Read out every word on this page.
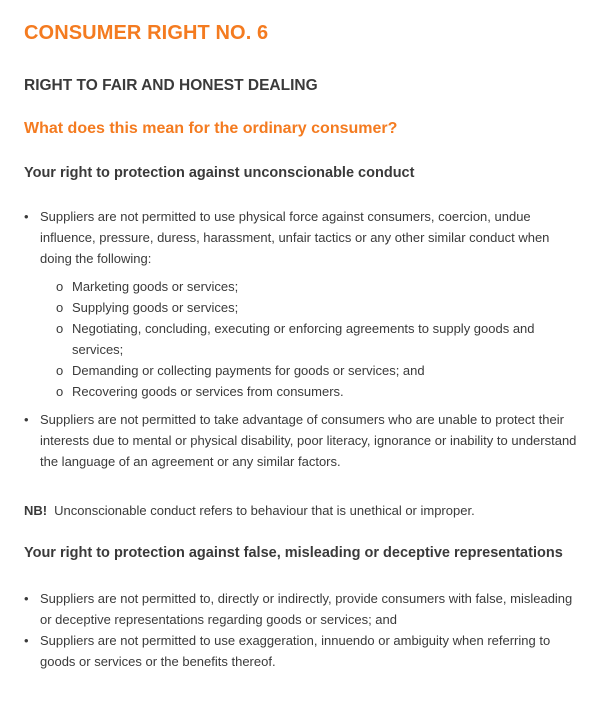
CONSUMER RIGHT NO. 6
RIGHT TO FAIR AND HONEST DEALING
What does this mean for the ordinary consumer?
Your right to protection against unconscionable conduct
• Suppliers are not permitted to use physical force against consumers, coercion, undue influence, pressure, duress, harassment, unfair tactics or any other similar conduct when doing the following:
o Marketing goods or services;
o Supplying goods or services;
o Negotiating, concluding, executing or enforcing agreements to supply goods and services;
o Demanding or collecting payments for goods or services; and
o Recovering goods or services from consumers.
• Suppliers are not permitted to take advantage of consumers who are unable to protect their interests due to mental or physical disability, poor literacy, ignorance or inability to understand the language of an agreement or any similar factors.

NB! Unconscionable conduct refers to behaviour that is unethical or improper.

Your right to protection against false, misleading or deceptive representations
• Suppliers are not permitted to, directly or indirectly, provide consumers with false, misleading or deceptive representations regarding goods or services; and
• Suppliers are not permitted to use exaggeration, innuendo or ambiguity when referring to goods or services or the benefits thereof.
